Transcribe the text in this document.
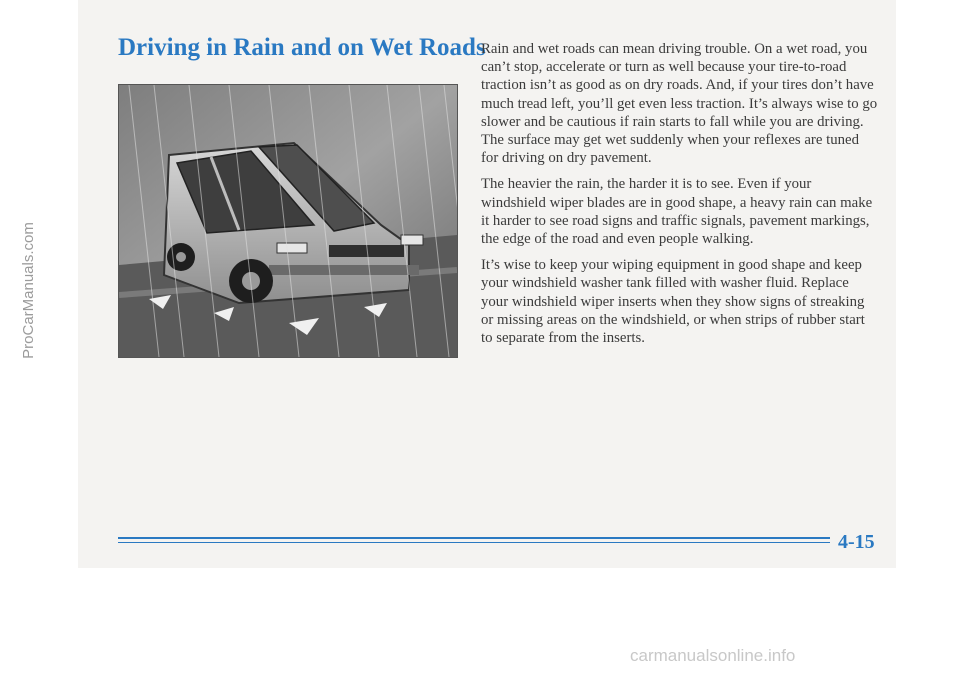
ProCarManuals.com
Driving in Rain and on Wet Roads

Rain and wet roads can mean driving trouble. On a wet road, you can’t stop, accelerate or turn as well because your tire-to-road traction isn’t as good as on dry roads. And, if your tires don’t have much tread left, you’ll get even less traction. It’s always wise to go slower and be cautious if rain starts to fall while you are driving. The surface may get wet suddenly when your reflexes are tuned for driving on dry pavement.

The heavier the rain, the harder it is to see. Even if your windshield wiper blades are in good shape, a heavy rain can make it harder to see road signs and traffic signals, pavement markings, the edge of the road and even people walking.

It’s wise to keep your wiping equipment in good shape and keep your windshield washer tank filled with washer fluid. Replace your windshield wiper inserts when they show signs of streaking or missing areas on the windshield, or when strips of rubber start to separate from the inserts.

4-15
carmanualsonline.info
